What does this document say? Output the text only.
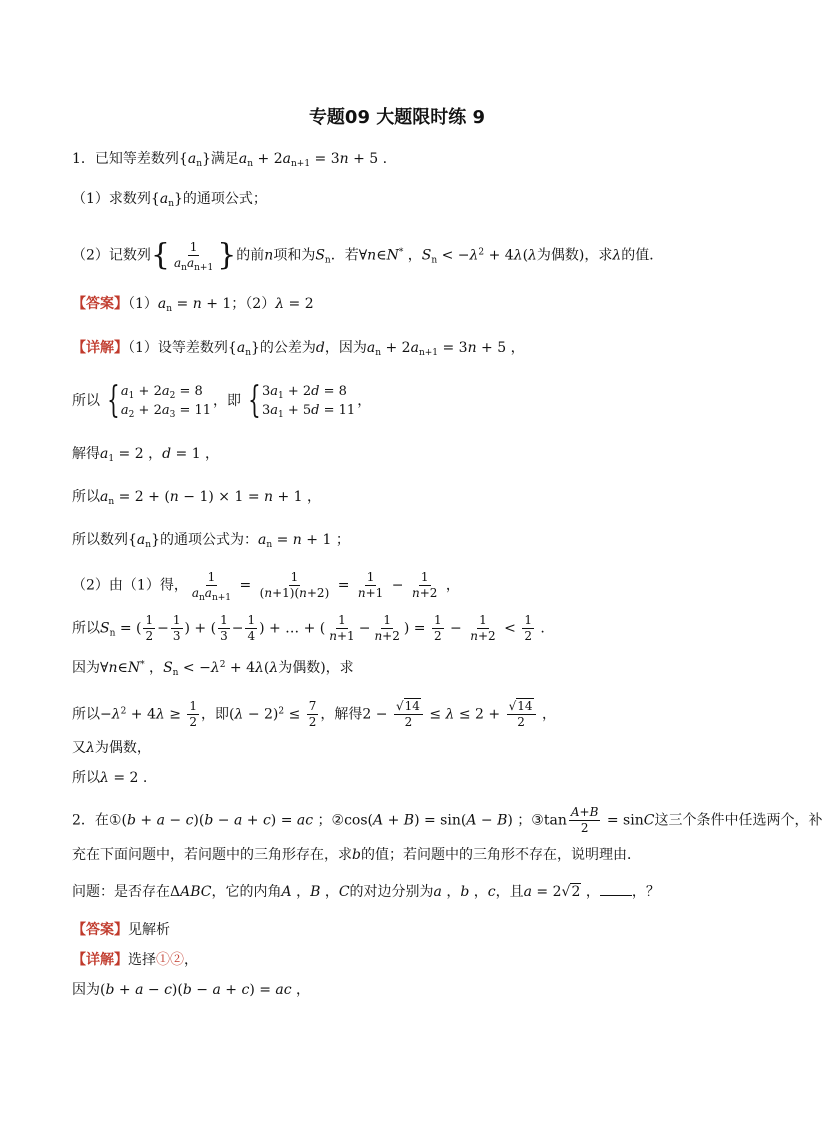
专题09 大题限时练 9
1．已知等差数列$\{a_n\}$满足$a_n + 2a_{n+1} = 3n + 5$ .
（1）求数列$\{a_n\}$的通项公式；
（2）记数列{ $\frac{1}{a_na_{n+1}}$ }的前n项和为$S_n$．若∀n∈N* ，$S_n < -\lambda^2 + 4\lambda(\lambda$为偶数)，求λ的值．
【答案】$(1)a_n = n + 1$；（2）λ = 2
【详解】（1）设等差数列$\{a_n\}$的公差为d，因为$a_n + 2a_{n+1} = 3n + 5$ ，
所以 { $a_1 + 2a_2 = 8$
$a_2 + 2a_3 = 11$
，即 { $3a_1 + 2d = 8$
$3a_1 + 5d = 11$
，
解得$a_1 = 2$ ，d = 1 ，
所以$a_n = 2 + (n - 1) \times 1 = n + 1$ ，
所以数列$\{a_n\}$的通项公式为：$a_n = n + 1$ ；
（2）由（1）得， $\frac{1}{a_na_{n+1}} = \frac{1}{(n+1)(n+2)} = \frac{1}{n+1} - \frac{1}{n+2}$ ，
所以$S_n$ = ( $\frac{1}{2} - \frac{1}{3}$ ) + ( $\frac{1}{3} - \frac{1}{4}$ ) + … + ( $\frac{1}{n+1} - \frac{1}{n+2}$ ) = $\frac{1}{2} - \frac{1}{n+2} < \frac{1}{2}$ .
因为∀n∈N* ，$S_n < -\lambda^2 + 4\lambda(\lambda$为偶数)，求
所以$-\lambda^2 + 4\lambda \ge \frac{1}{2}$ ，即$(\lambda - 2)^2 \le \frac{7}{2}$ ，解得$2 - \frac{√14}{2} \le \lambda \le 2 + \frac{√14}{2}$ ，
又λ为偶数，
所以λ = 2 .
2．在①(b + a − c)(b − a + c) = ac ；②cos(A + B) = sin(A − B) ；③tan $\frac{A+B}{2} = \sin C$这三个条件中任选两个，补
充在下面问题中，若问题中的三角形存在，求b的值；若问题中的三角形不存在，说明理由．
问题：是否存在ΔABC，它的内角A ，B ，C的对边分别为a ，b ，c，且a = 2√2 ， ，？
【答案】见解析
【详解】选择①②，
因为(b + a − c)(b − a + c) = ac ，
